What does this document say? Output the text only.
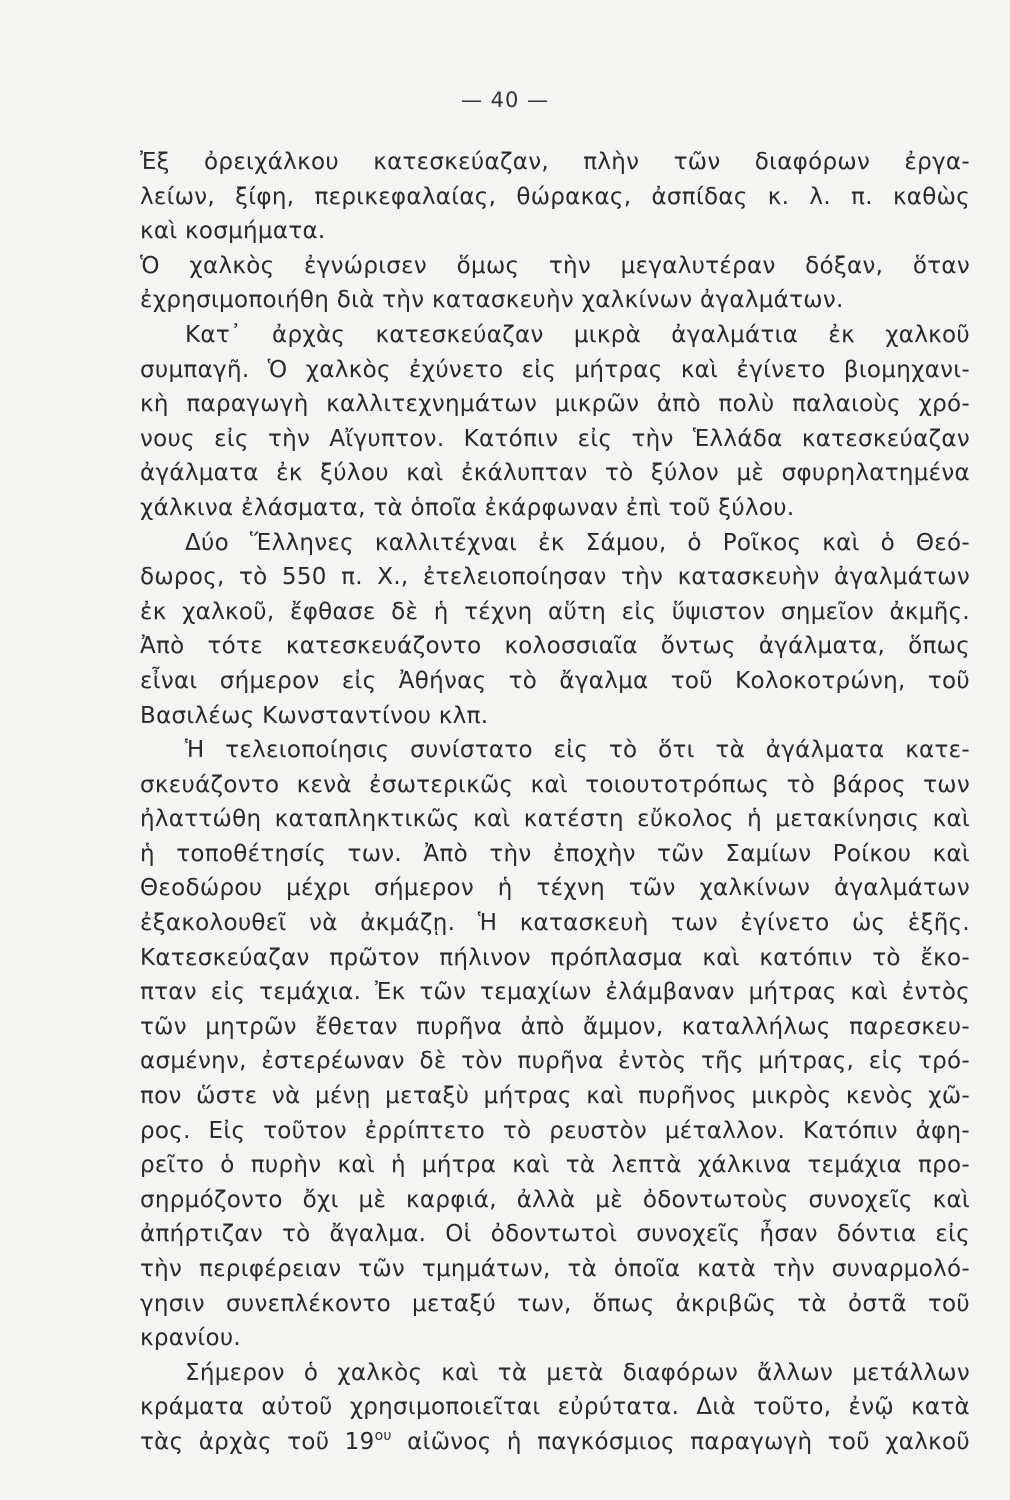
— 40 —
Ἐξ ὀρειχάλκου κατεσκεύαζαν, πλὴν τῶν διαφόρων ἐργα-
λείων, ξίφη, περικεφαλαίας, θώρακας, ἀσπίδας κ. λ. π. καθὼς
καὶ κοσμήματα.
Ὁ χαλκὸς ἐγνώρισεν ὅμως τὴν μεγαλυτέραν δόξαν, ὅταν
ἐχρησιμοποιήθη διὰ τὴν κατασκευὴν χαλκίνων ἀγαλμάτων.
Κατ᾽ ἀρχὰς κατεσκεύαζαν μικρὰ ἀγαλμάτια ἐκ χαλκοῦ
συμπαγῆ. Ὁ χαλκὸς ἐχύνετο εἰς μήτρας καὶ ἐγίνετο βιομηχανι-
κὴ παραγωγὴ καλλιτεχνημάτων μικρῶν ἀπὸ πολὺ παλαιοὺς χρό-
νους εἰς τὴν Αἴγυπτον. Κατόπιν εἰς τὴν Ἑλλάδα κατεσκεύαζαν
ἀγάλματα ἐκ ξύλου καὶ ἐκάλυπταν τὸ ξύλον μὲ σφυρηλατημένα
χάλκινα ἐλάσματα, τὰ ὁποῖα ἐκάρφωναν ἐπὶ τοῦ ξύλου.
Δύο Ἕλληνες καλλιτέχναι ἐκ Σάμου, ὁ Ροῖκος καὶ ὁ Θεό-
δωρος, τὸ 550 π. Χ., ἐτελειοποίησαν τὴν κατασκευὴν ἀγαλμάτων
ἐκ χαλκοῦ, ἔφθασε δὲ ἡ τέχνη αὕτη εἰς ὕψιστον σημεῖον ἀκμῆς.
Ἀπὸ τότε κατεσκευάζοντο κολοσσιαῖα ὄντως ἀγάλματα, ὅπως
εἶναι σήμερον εἰς Ἀθήνας τὸ ἄγαλμα τοῦ Κολοκοτρώνη, τοῦ
Βασιλέως Κωνσταντίνου κλπ.
Ἡ τελειοποίησις συνίστατο εἰς τὸ ὅτι τὰ ἀγάλματα κατε-
σκευάζοντο κενὰ ἐσωτερικῶς καὶ τοιουτοτρόπως τὸ βάρος των
ἠλαττώθη καταπληκτικῶς καὶ κατέστη εὔκολος ἡ μετακίνησις καὶ
ἡ τοποθέτησίς των. Ἀπὸ τὴν ἐποχὴν τῶν Σαμίων Ροίκου καὶ
Θεοδώρου μέχρι σήμερον ἡ τέχνη τῶν χαλκίνων ἀγαλμάτων
ἐξακολουθεῖ νὰ ἀκμάζῃ. Ἡ κατασκευὴ των ἐγίνετο ὡς ἑξῆς.
Κατεσκεύαζαν πρῶτον πήλινον πρόπλασμα καὶ κατόπιν τὸ ἔκο-
πταν εἰς τεμάχια. Ἐκ τῶν τεμαχίων ἐλάμβαναν μήτρας καὶ ἐντὸς
τῶν μητρῶν ἔθεταν πυρῆνα ἀπὸ ἄμμον, καταλλήλως παρεσκευ-
ασμένην, ἐστερέωναν δὲ τὸν πυρῆνα ἐντὸς τῆς μήτρας, εἰς τρό-
πον ὥστε νὰ μένῃ μεταξὺ μήτρας καὶ πυρῆνος μικρὸς κενὸς χῶ-
ρος. Εἰς τοῦτον ἐρρίπτετο τὸ ρευστὸν μέταλλον. Κατόπιν ἀφη-
ρεῖτο ὁ πυρὴν καὶ ἡ μήτρα καὶ τὰ λεπτὰ χάλκινα τεμάχια προ-
σηρμόζοντο ὄχι μὲ καρφιά, ἀλλὰ μὲ ὀδοντωτοὺς συνοχεῖς καὶ
ἀπήρτιζαν τὸ ἄγαλμα. Οἱ ὀδοντωτοὶ συνοχεῖς ἦσαν δόντια εἰς
τὴν περιφέρειαν τῶν τμημάτων, τὰ ὁποῖα κατὰ τὴν συναρμολό-
γησιν συνεπλέκοντο μεταξύ των, ὅπως ἀκριβῶς τὰ ὀστᾶ τοῦ
κρανίου.
Σήμερον ὁ χαλκὸς καὶ τὰ μετὰ διαφόρων ἄλλων μετάλλων
κράματα αὐτοῦ χρησιμοποιεῖται εὐρύτατα. Διὰ τοῦτο, ἐνῷ κατὰ
τὰς ἀρχὰς τοῦ $19^{o\upsilon}$ αἰῶνος ἡ παγκόσμιος παραγωγὴ τοῦ χαλκοῦ
